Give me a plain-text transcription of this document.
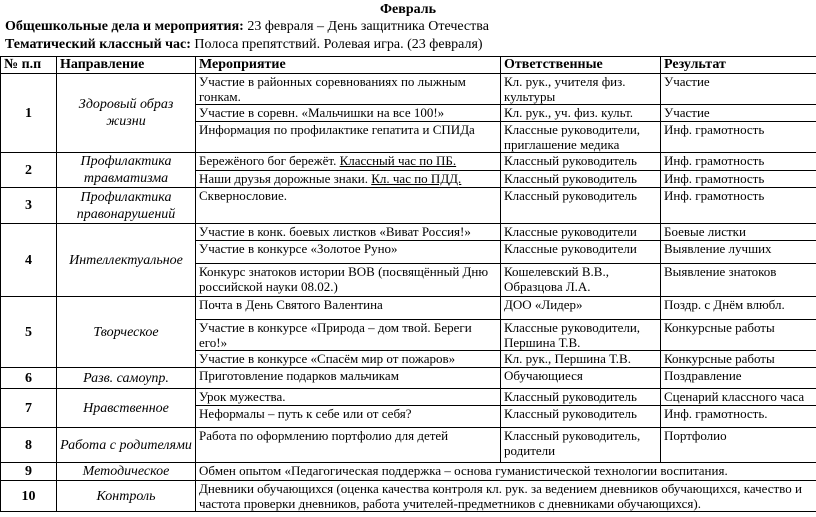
Февраль
Общешкольные дела и мероприятия: 23 февраля – День защитника Отечества
Тематический классный час: Полоса препятствий. Ролевая игра. (23 февраля)
№ п.п	Направление	Мероприятие	Ответственные	Результат
1	Здоровый образ жизни	Участие в районных соревнованиях по лыжным гонкам.	Кл. рук., учителя физ. культуры	Участие
		Участие в соревн. «Мальчишки на все 100!»	Кл. рук., уч. физ. культ.	Участие
		Информация по профилактике гепатита и СПИДа	Классные руководители, приглашение медика	Инф. грамотность
2	Профилактика травматизма	Бережёного бог бережёт. Классный час по ПБ.	Классный руководитель	Инф. грамотность
		Наши друзья дорожные знаки. Кл. час по ПДД.	Классный руководитель	Инф. грамотность
3	Профилактика правонарушений	Сквернословие.	Классный руководитель	Инф. грамотность
4	Интеллектуальное	Участие в конк. боевых листков «Виват Россия!»	Классные руководители	Боевые листки
		Участие в конкурсе «Золотое Руно»	Классные руководители	Выявление лучших
		Конкурс знатоков истории ВОВ (посвящённый Дню российской науки 08.02.)	Кошелевский В.В., Образцова Л.А.	Выявление знатоков
5	Творческое	Почта в День Святого Валентина	ДОО «Лидер»	Поздр. с Днём влюбл.
		Участие в конкурсе «Природа – дом твой. Береги его!»	Классные руководители, Першина Т.В.	Конкурсные работы
		Участие в конкурсе «Спасём мир от пожаров»	Кл. рук., Першина Т.В.	Конкурсные работы
6	Разв. самоупр.	Приготовление подарков мальчикам	Обучающиеся	Поздравление
7	Нравственное	Урок мужества.	Классный руководитель	Сценарий классного часа
		Неформалы – путь к себе или от себя?	Классный руководитель	Инф. грамотность.
8	Работа с родителями	Работа по оформлению портфолио для детей	Классный руководитель, родители	Портфолио
9	Методическое	Обмен опытом «Педагогическая поддержка – основа гуманистической технологии воспитания.		
10	Контроль	Дневники обучающихся (оценка качества контроля кл. рук. за ведением дневников обучающихся, качество и частота проверки дневников, работа учителей-предметников с дневниками обучающихся).		
